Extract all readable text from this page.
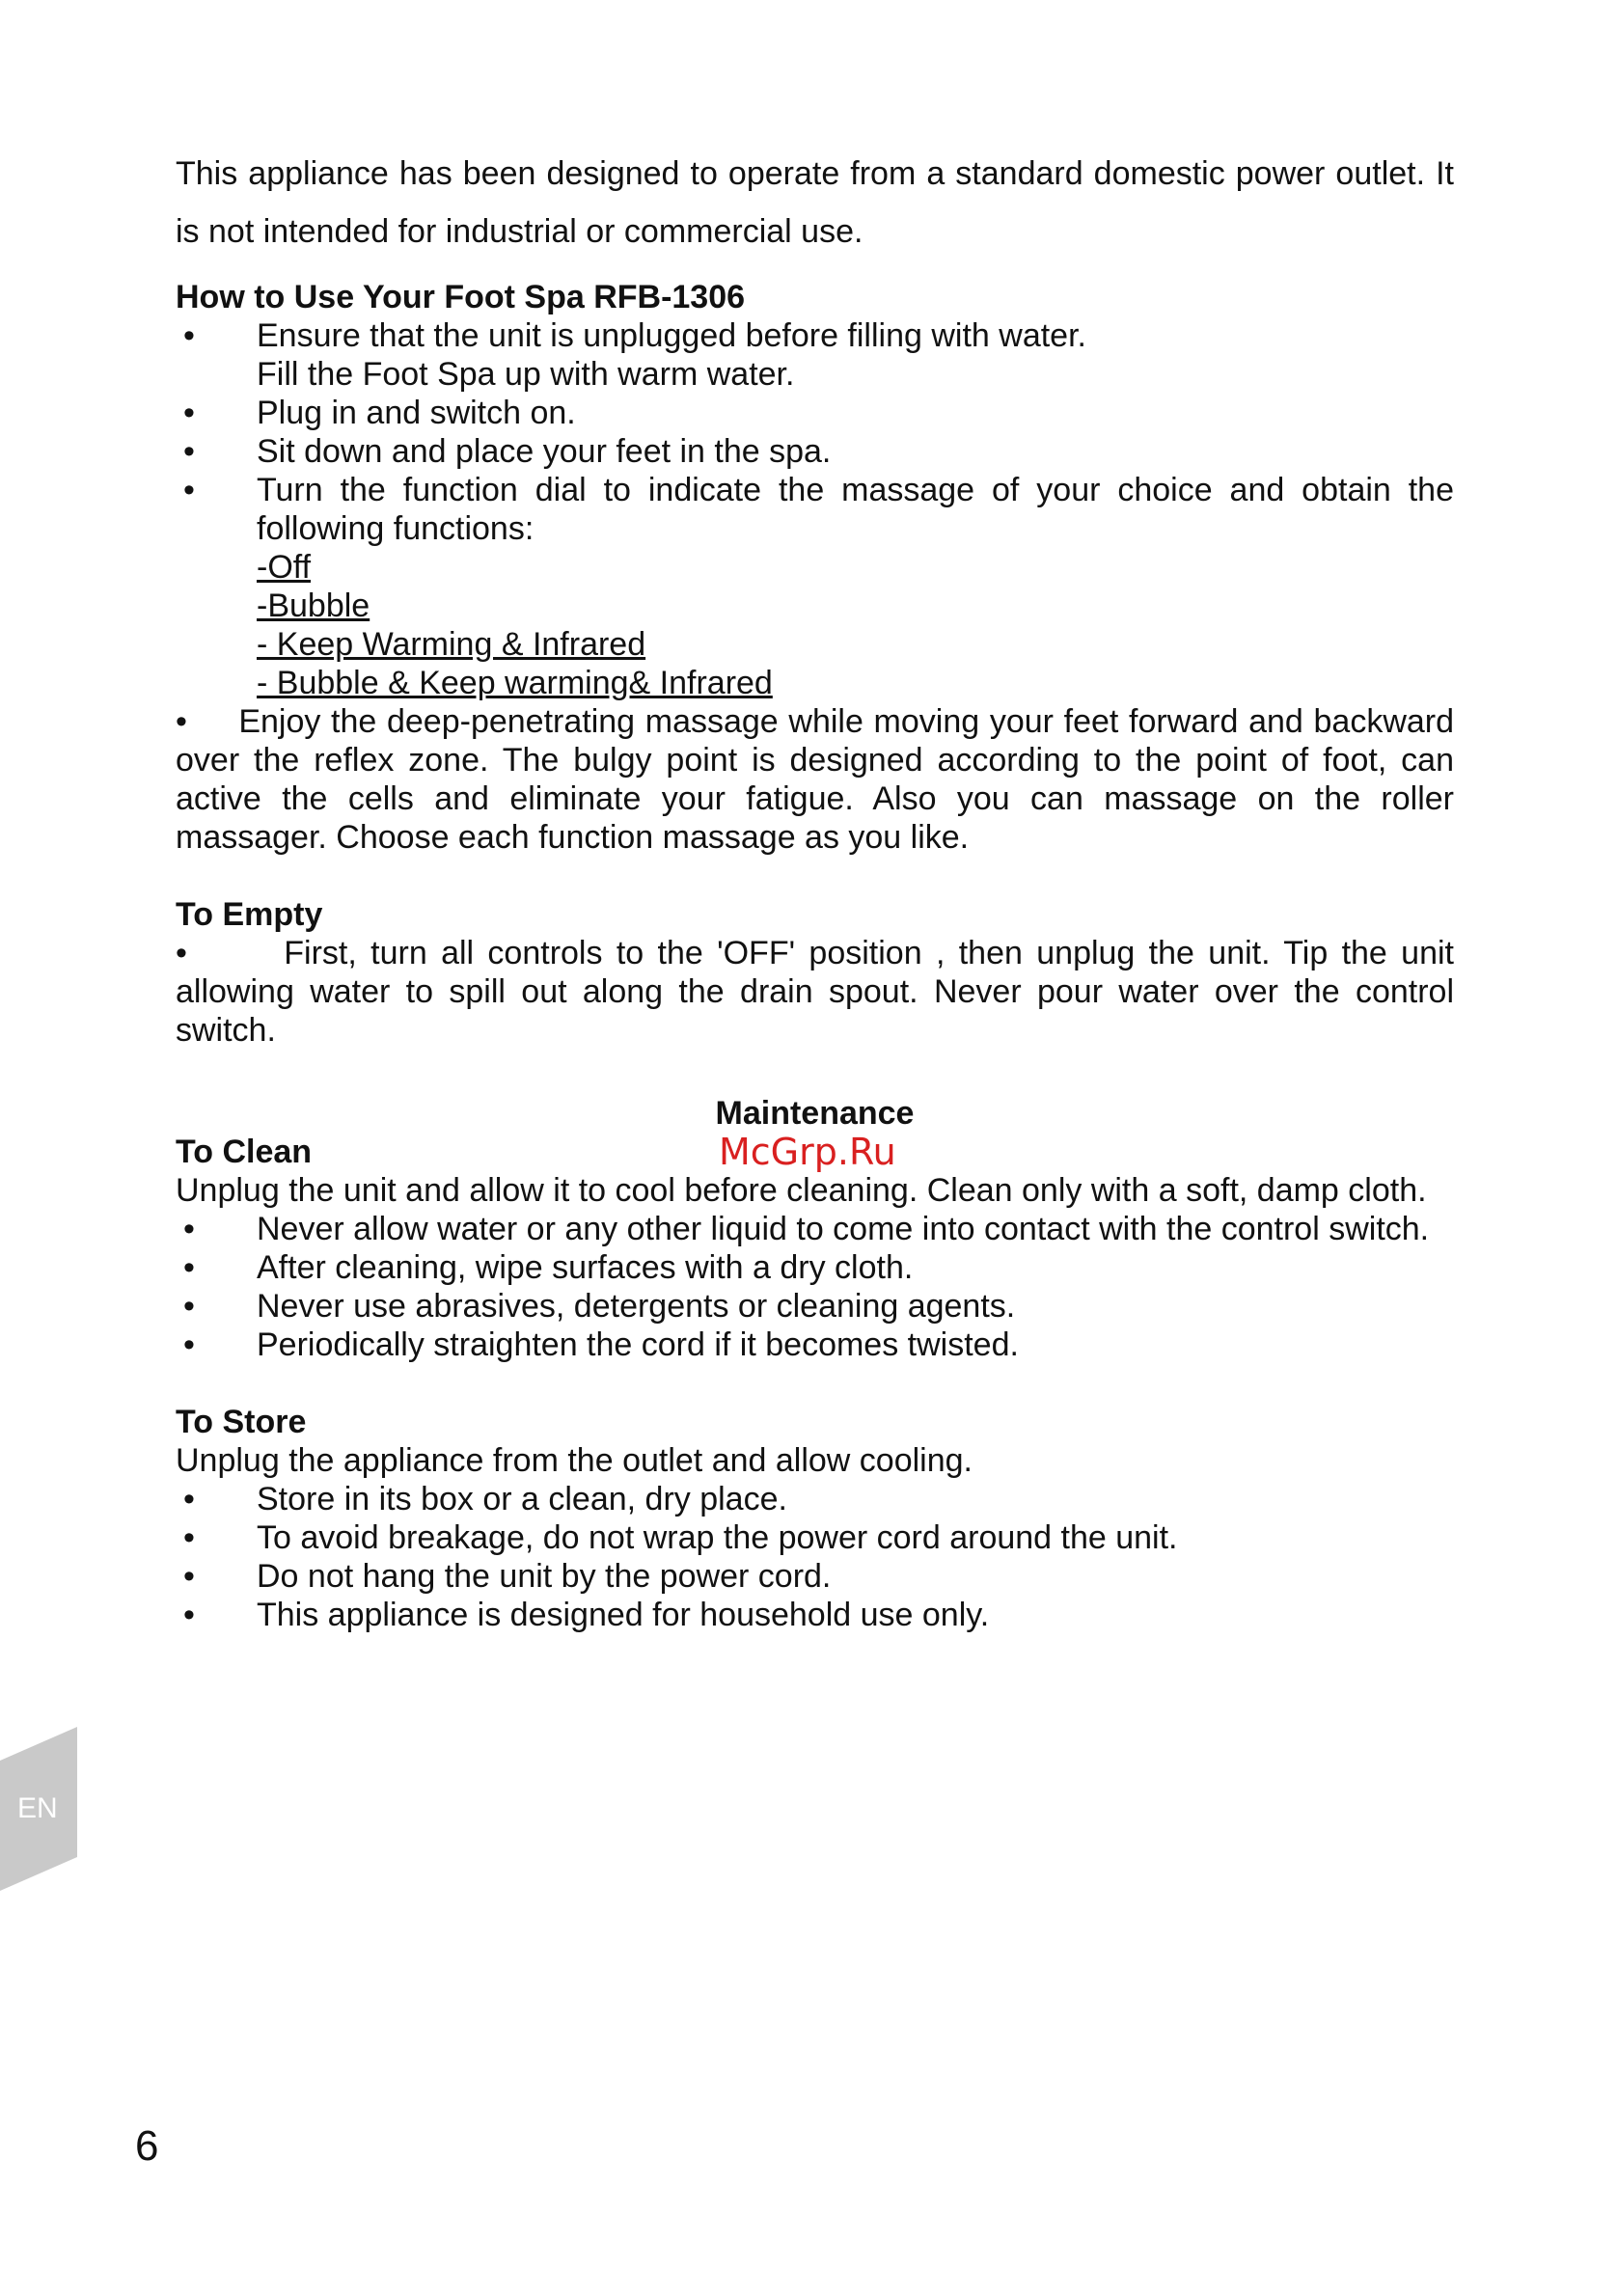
This appliance has been designed to operate from a standard domestic power outlet. It is not intended for industrial or commercial use.

How to Use Your Foot Spa RFB-1306
• Ensure that the unit is unplugged before filling with water.
Fill the Foot Spa up with warm water.
• Plug in and switch on.
• Sit down and place your feet in the spa.
• Turn the function dial to indicate the massage of your choice and obtain the following functions:
-Off
-Bubble
- Keep Warming & Infrared
- Bubble & Keep warming& Infrared

• Enjoy the deep-penetrating massage while moving your feet forward and backward over the reflex zone. The bulgy point is designed according to the point of foot, can active the cells and eliminate your fatigue. Also you can massage on the roller massager. Choose each function massage as you like.

To Empty

•	First, turn all controls to the 'OFF' position , then unplug the unit. Tip the unit allowing water to spill out along the drain spout. Never pour water over the control switch.

Maintenance
To Clean

Unplug the unit and allow it to cool before cleaning. Clean only with a soft, damp cloth.

• Never allow water or any other liquid to come into contact with the control switch.
• After cleaning, wipe surfaces with a dry cloth.
• Never use abrasives, detergents or cleaning agents.
• Periodically straighten the cord if it becomes twisted.
To Store

Unplug the appliance from the outlet and allow cooling.

• Store in its box or a clean, dry place.
• To avoid breakage, do not wrap the power cord around the unit.
• Do not hang the unit by the power cord.
• This appliance is designed for household use only.
McGrp.Ru
EN
6
